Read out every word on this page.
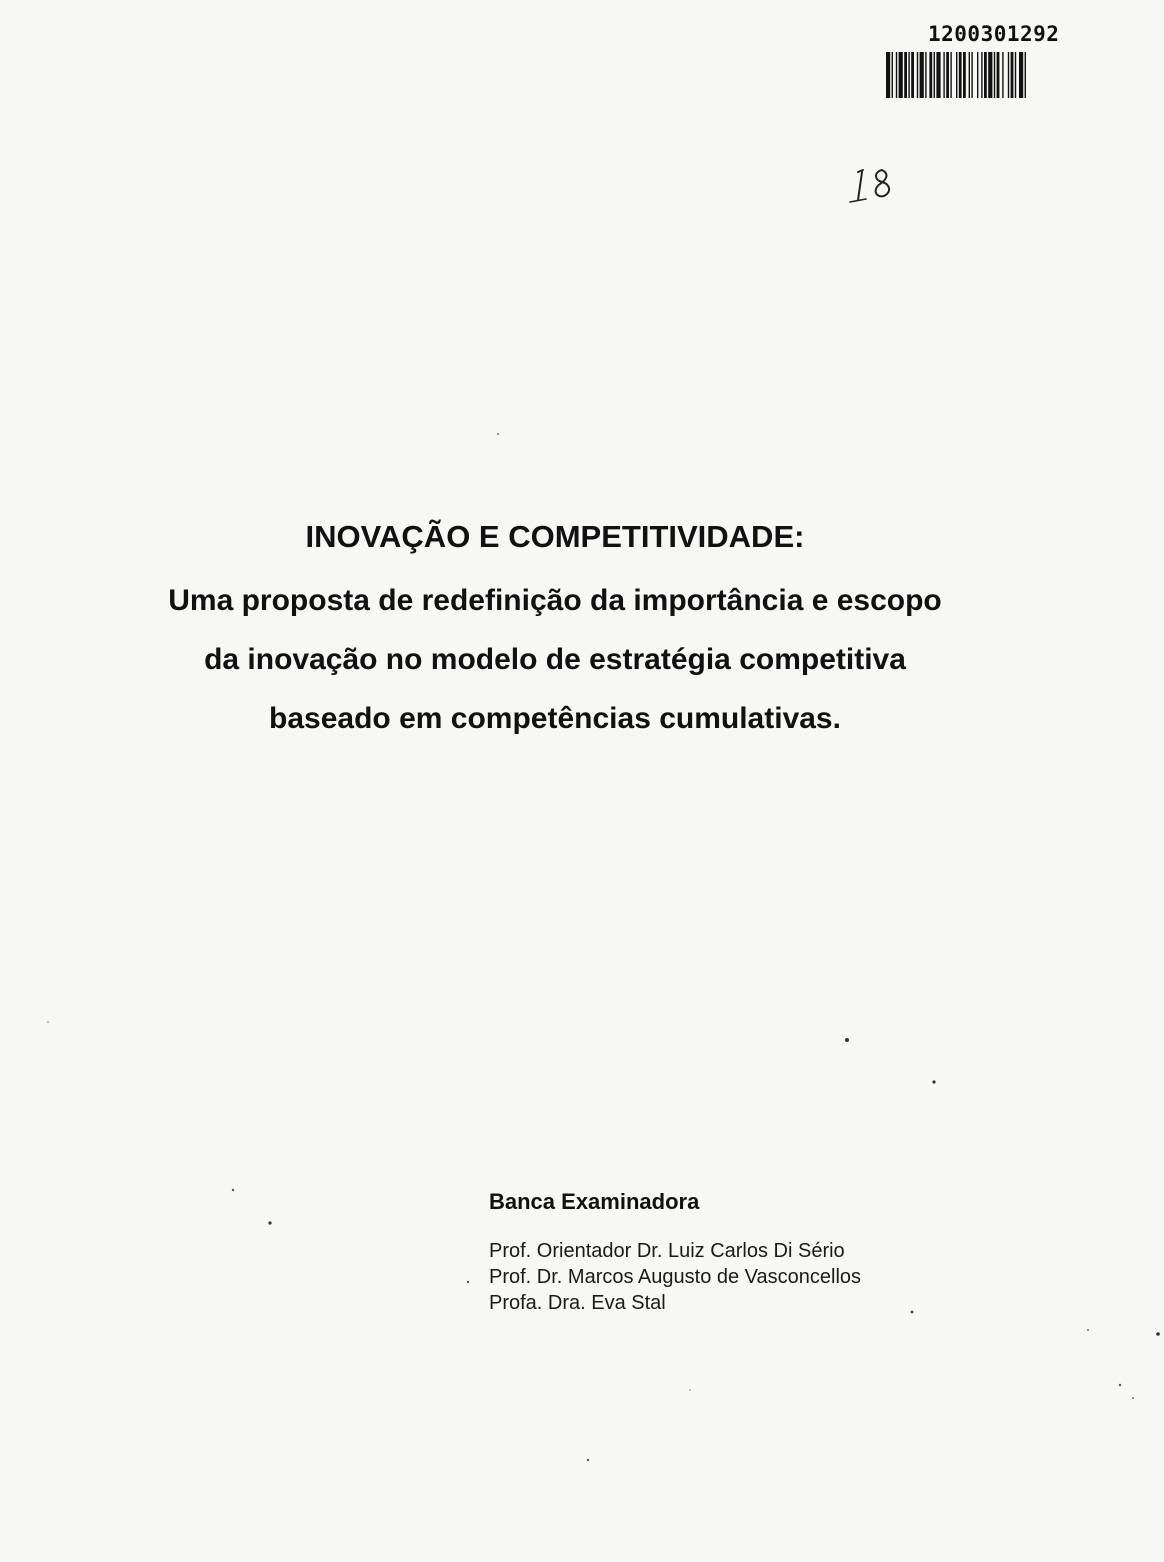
1200301292
INOVAÇÃO E COMPETITIVIDADE:

Uma proposta de redefinição da importância e escopo da inovação no modelo de estratégia competitiva baseado em competências cumulativas.

Banca Examinadora
Prof. Orientador Dr. Luiz Carlos Di Sério
Prof. Dr. Marcos Augusto de Vasconcellos
Profa. Dra. Eva Stal
